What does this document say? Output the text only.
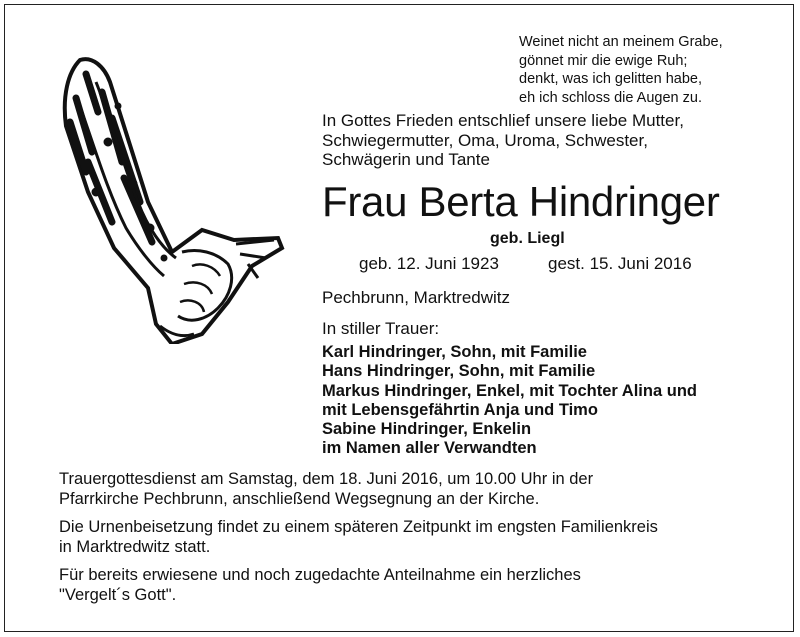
Weinet nicht an meinem Grabe,
gönnet mir die ewige Ruh;
denkt, was ich gelitten habe,
eh ich schloss die Augen zu.
In Gottes Frieden entschlief unsere liebe Mutter,
Schwiegermutter, Oma, Uroma, Schwester,
Schwägerin und Tante
Frau Berta Hindringer
geb. Liegl
geb. 12. Juni 1923	gest. 15. Juni 2016
Pechbrunn, Marktredwitz
In stiller Trauer:
Karl Hindringer, Sohn, mit Familie
Hans Hindringer, Sohn, mit Familie
Markus Hindringer, Enkel, mit Tochter Alina und
mit Lebensgefährtin Anja und Timo
Sabine Hindringer, Enkelin
im Namen aller Verwandten
Trauergottesdienst am Samstag, dem 18. Juni 2016, um 10.00 Uhr in der
Pfarrkirche Pechbrunn, anschließend Wegsegnung an der Kirche.
Die Urnenbeisetzung findet zu einem späteren Zeitpunkt im engsten Familienkreis
in Marktredwitz statt.
Für bereits erwiesene und noch zugedachte Anteilnahme ein herzliches
"Vergelt´s Gott".
